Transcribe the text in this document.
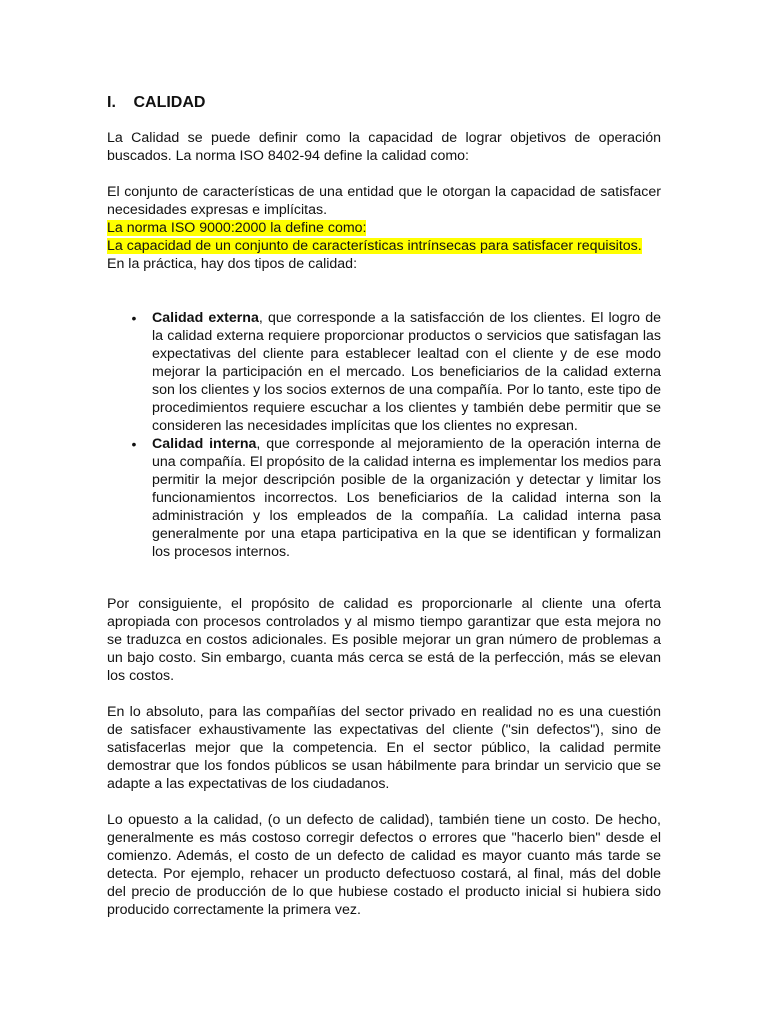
I. CALIDAD

La Calidad se puede definir como la capacidad de lograr objetivos de operación buscados. La norma ISO 8402-94 define la calidad como:

El conjunto de características de una entidad que le otorgan la capacidad de satisfacer necesidades expresas e implícitas.

La norma ISO 9000:2000 la define como:

La capacidad de un conjunto de características intrínsecas para satisfacer requisitos.

En la práctica, hay dos tipos de calidad:

• Calidad externa, que corresponde a la satisfacción de los clientes. El logro de la calidad externa requiere proporcionar productos o servicios que satisfagan las expectativas del cliente para establecer lealtad con el cliente y de ese modo mejorar la participación en el mercado. Los beneficiarios de la calidad externa son los clientes y los socios externos de una compañía. Por lo tanto, este tipo de procedimientos requiere escuchar a los clientes y también debe permitir que se consideren las necesidades implícitas que los clientes no expresan.
• Calidad interna, que corresponde al mejoramiento de la operación interna de una compañía. El propósito de la calidad interna es implementar los medios para permitir la mejor descripción posible de la organización y detectar y limitar los funcionamientos incorrectos. Los beneficiarios de la calidad interna son la administración y los empleados de la compañía. La calidad interna pasa generalmente por una etapa participativa en la que se identifican y formalizan los procesos internos.

Por consiguiente, el propósito de calidad es proporcionarle al cliente una oferta apropiada con procesos controlados y al mismo tiempo garantizar que esta mejora no se traduzca en costos adicionales. Es posible mejorar un gran número de problemas a un bajo costo. Sin embargo, cuanta más cerca se está de la perfección, más se elevan los costos.

En lo absoluto, para las compañías del sector privado en realidad no es una cuestión de satisfacer exhaustivamente las expectativas del cliente ("sin defectos"), sino de satisfacerlas mejor que la competencia. En el sector público, la calidad permite demostrar que los fondos públicos se usan hábilmente para brindar un servicio que se adapte a las expectativas de los ciudadanos.

Lo opuesto a la calidad, (o un defecto de calidad), también tiene un costo. De hecho, generalmente es más costoso corregir defectos o errores que "hacerlo bien" desde el comienzo. Además, el costo de un defecto de calidad es mayor cuanto más tarde se detecta. Por ejemplo, rehacer un producto defectuoso costará, al final, más del doble del precio de producción de lo que hubiese costado el producto inicial si hubiera sido producido correctamente la primera vez.
